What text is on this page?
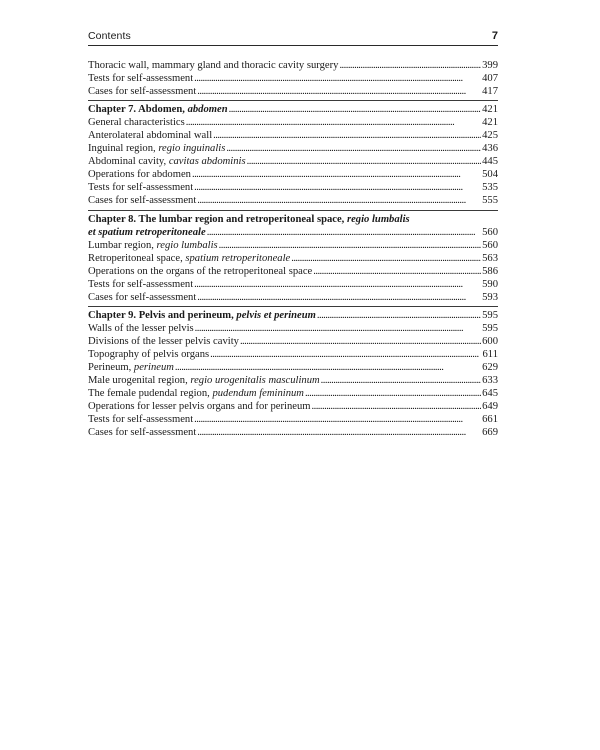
Contents	7
Thoracic wall, mammary gland and thoracic cavity surgery . . .	399
Tests for self-assessment . . .	407
Cases for self-assessment . . .	417
Chapter 7. Abdomen, abdomen . . .	421
General characteristics . . .	421
Anterolateral abdominal wall . . .	425
Inguinal region, regio inguinalis . . .	436
Abdominal cavity, cavitas abdominis . . .	445
Operations for abdomen . . .	504
Tests for self-assessment . . .	535
Cases for self-assessment . . .	555
Chapter 8. The lumbar region and retroperitoneal space, regio lumbalis
et spatium retroperitoneale . . .	560
Lumbar region, regio lumbalis . . .	560
Retroperitoneal space, spatium retroperitoneale . . .	563
Operations on the organs of the retroperitoneal space . . .	586
Tests for self-assessment . . .	590
Cases for self-assessment . . .	593
Chapter 9. Pelvis and perineum, pelvis et perineum . . .	595
Walls of the lesser pelvis . . .	595
Divisions of the lesser pelvis cavity . . .	600
Topography of pelvis organs . . .	611
Perineum, perineum . . .	629
Male urogenital region, regio urogenitalis masculinum . . .	633
The female pudendal region, pudendum femininum . . .	645
Operations for lesser pelvis organs and for perineum . . .	649
Tests for self-assessment . . .	661
Cases for self-assessment . . .	669
